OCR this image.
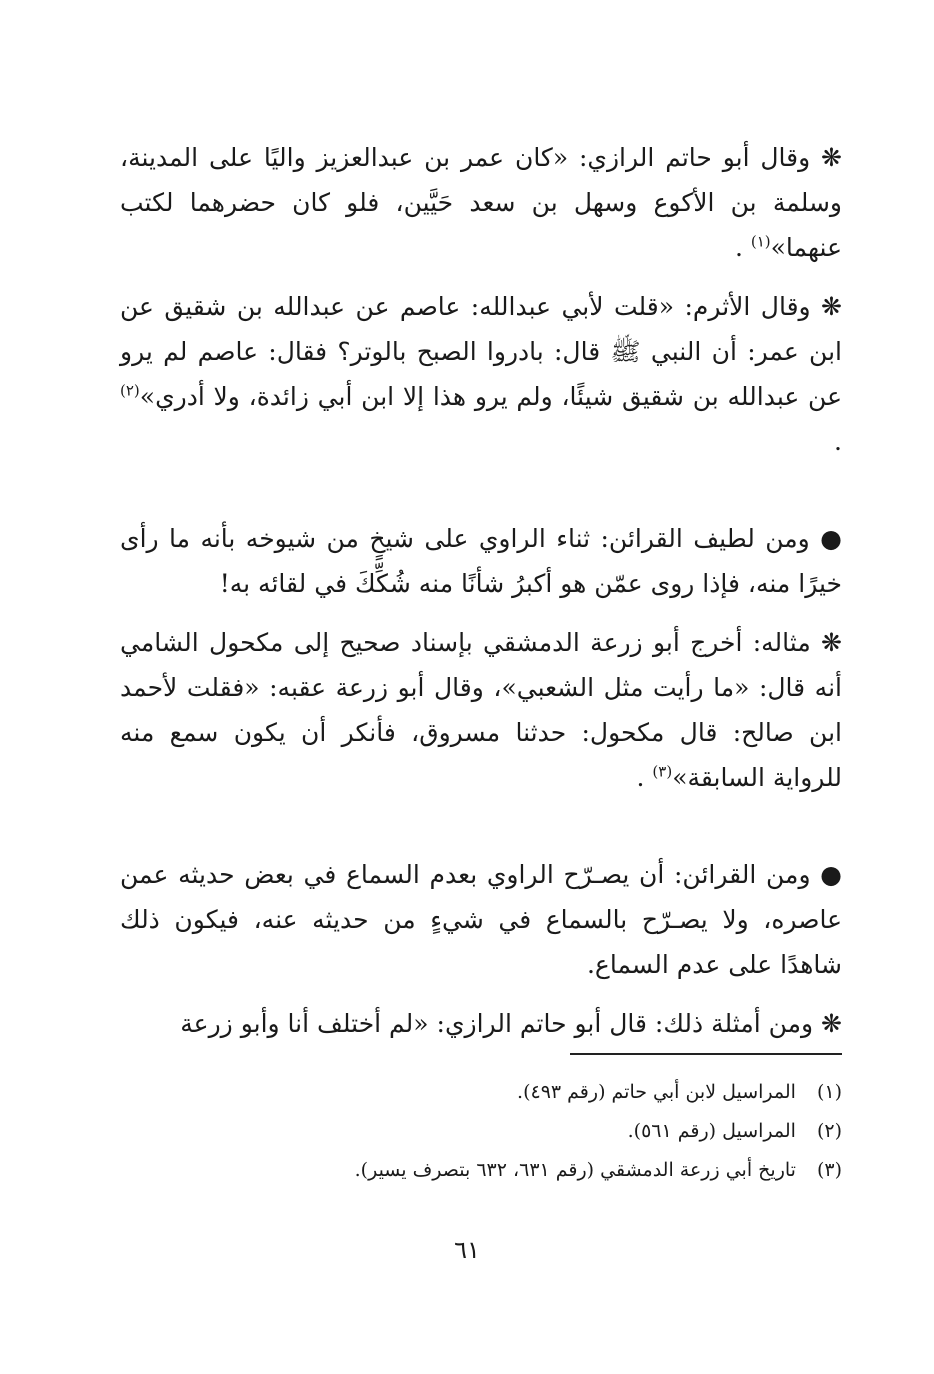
❋ وقال أبو حاتم الرازي: «كان عمر بن عبدالعزيز واليًا على المدينة، وسلمة بن الأكوع وسهل بن سعد حَيَّين، فلو كان حضرهما لكتب عنهما»$^{(١)}$ .

❋ وقال الأثرم: «قلت لأبي عبدالله: عاصم عن عبدالله بن شقيق عن ابن عمر: أن النبي ﷺ قال: بادروا الصبح بالوتر؟ فقال: عاصم لم يرو عن عبدالله بن شقيق شيئًا، ولم يرو هذا إلا ابن أبي زائدة، ولا أدري»$^{(٢)}$ .

● ومن لطيف القرائن: ثناء الراوي على شيخٍ من شيوخه بأنه ما رأى خيرًا منه، فإذا روى عمّن هو أكبرُ شأنًا منه شُكِّكَ في لقائه به!

❋ مثاله: أخرج أبو زرعة الدمشقي بإسناد صحيح إلى مكحول الشامي أنه قال: «ما رأيت مثل الشعبي»، وقال أبو زرعة عقبه: «فقلت لأحمد ابن صالح: قال مكحول: حدثنا مسروق، فأنكر أن يكون سمع منه للرواية السابقة»$^{(٣)}$ .

● ومن القرائن: أن يصـرّح الراوي بعدم السماع في بعض حديثه عمن عاصره، ولا يصـرّح بالسماع في شيءٍ من حديثه عنه، فيكون ذلك شاهدًا على عدم السماع.

❋ ومن أمثلة ذلك: قال أبو حاتم الرازي: «لم أختلف أنا وأبو زرعة

(١) المراسيل لابن أبي حاتم (رقم ٤٩٣).
(٢) المراسيل (رقم ٥٦١).
(٣) تاريخ أبي زرعة الدمشقي (رقم ٦٣١، ٦٣٢ بتصرف يسير).
٦١
